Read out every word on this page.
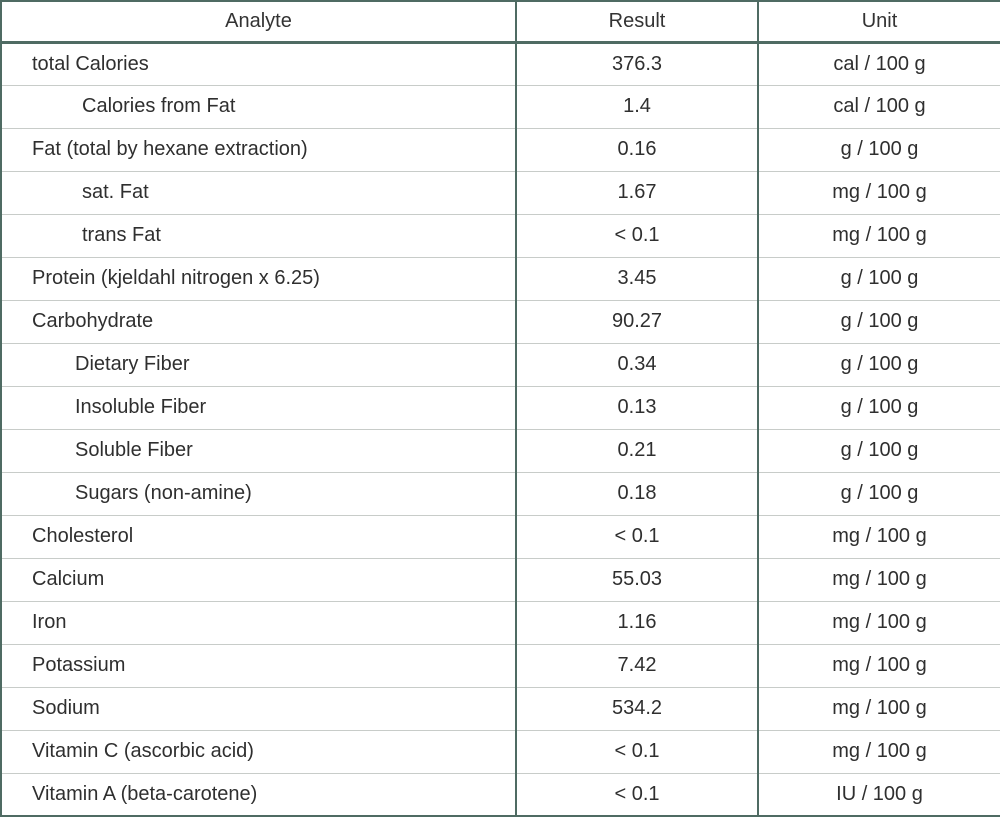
Analyte	Result	Unit
total Calories	376.3	cal / 100 g
Calories from Fat	1.4	cal / 100 g
Fat (total by hexane extraction)	0.16	g / 100 g
sat. Fat	1.67	mg / 100 g
trans Fat	< 0.1	mg / 100 g
Protein (kjeldahl nitrogen x 6.25)	3.45	g / 100 g
Carbohydrate	90.27	g / 100 g
Dietary Fiber	0.34	g / 100 g
Insoluble Fiber	0.13	g / 100 g
Soluble Fiber	0.21	g / 100 g
Sugars (non-amine)	0.18	g / 100 g
Cholesterol	< 0.1	mg / 100 g
Calcium	55.03	mg / 100 g
Iron	1.16	mg / 100 g
Potassium	7.42	mg / 100 g
Sodium	534.2	mg / 100 g
Vitamin C (ascorbic acid)	< 0.1	mg / 100 g
Vitamin A (beta-carotene)	< 0.1	IU / 100 g
